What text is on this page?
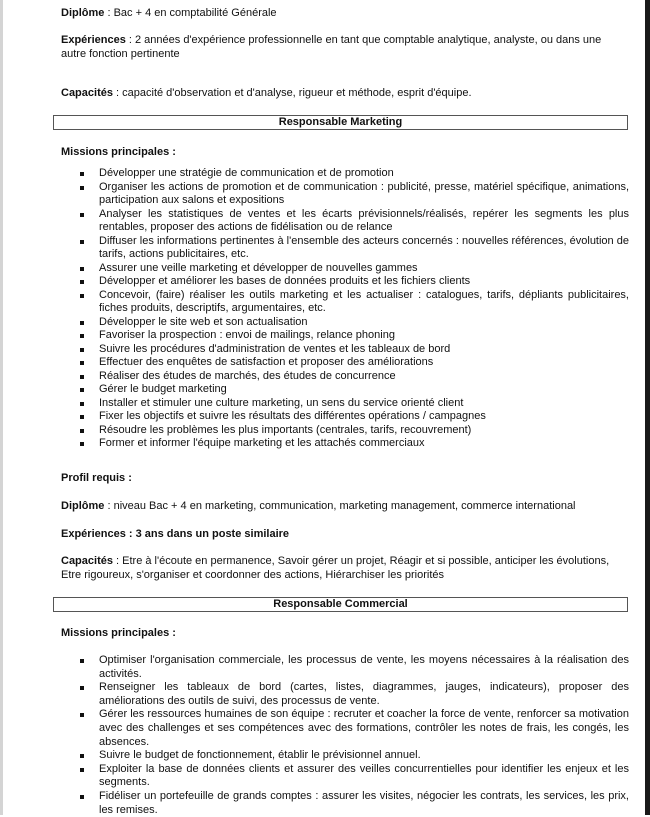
Diplôme : Bac + 4 en comptabilité Générale

Expériences : 2 années d'expérience professionnelle en tant que comptable analytique, analyste, ou dans une autre fonction pertinente

Capacités : capacité d'observation et d'analyse, rigueur et méthode, esprit d'équipe.

Responsable Marketing

Missions principales :

Développer une stratégie de communication et de promotion
Organiser les actions de promotion et de communication : publicité, presse, matériel spécifique, animations, participation aux salons et expositions
Analyser les statistiques de ventes et les écarts prévisionnels/réalisés, repérer les segments les plus rentables, proposer des actions de fidélisation ou de relance
Diffuser les informations pertinentes à l'ensemble des acteurs concernés : nouvelles références, évolution de tarifs, actions publicitaires, etc.
Assurer une veille marketing et développer de nouvelles gammes
Développer et améliorer les bases de données produits et les fichiers clients
Concevoir, (faire) réaliser les outils marketing et les actualiser : catalogues, tarifs, dépliants publicitaires, fiches produits, descriptifs, argumentaires, etc.
Développer le site web et son actualisation
Favoriser la prospection : envoi de mailings, relance phoning
Suivre les procédures d'administration de ventes et les tableaux de bord
Effectuer des enquêtes de satisfaction et proposer des améliorations
Réaliser des études de marchés, des études de concurrence
Gérer le budget marketing
Installer et stimuler une culture marketing, un sens du service orienté client
Fixer les objectifs et suivre les résultats des différentes opérations / campagnes
Résoudre les problèmes les plus importants (centrales, tarifs, recouvrement)
Former et informer l'équipe marketing et les attachés commerciaux

Profil requis :

Diplôme : niveau Bac + 4 en marketing, communication, marketing management, commerce international

Expériences : 3 ans dans un poste similaire

Capacités : Etre à l'écoute en permanence, Savoir gérer un projet, Réagir et si possible, anticiper les évolutions, Etre rigoureux, s'organiser et coordonner des actions, Hiérarchiser les priorités

Responsable Commercial

Missions principales :

Optimiser l'organisation commerciale, les processus de vente, les moyens nécessaires à la réalisation des activités.
Renseigner les tableaux de bord (cartes, listes, diagrammes, jauges, indicateurs), proposer des améliorations des outils de suivi, des processus de vente.
Gérer les ressources humaines de son équipe : recruter et coacher la force de vente, renforcer sa motivation avec des challenges et ses compétences avec des formations, contrôler les notes de frais, les congés, les absences.
Suivre le budget de fonctionnement, établir le prévisionnel annuel.
Exploiter la base de données clients et assurer des veilles concurrentielles pour identifier les enjeux et les segments.
Fidéliser un portefeuille de grands comptes : assurer les visites, négocier les contrats, les services, les prix, les remises.
